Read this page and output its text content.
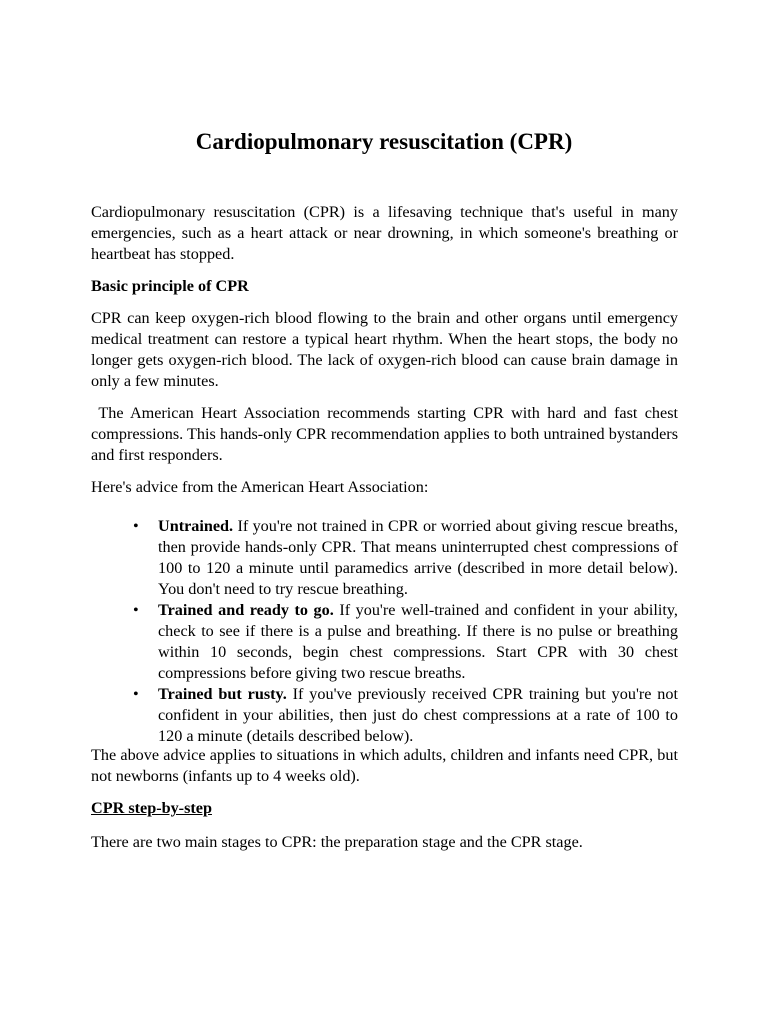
Cardiopulmonary resuscitation (CPR)

Cardiopulmonary resuscitation (CPR) is a lifesaving technique that's useful in many emergencies, such as a heart attack or near drowning, in which someone's breathing or heartbeat has stopped.

Basic principle of CPR

CPR can keep oxygen-rich blood flowing to the brain and other organs until emergency medical treatment can restore a typical heart rhythm. When the heart stops, the body no longer gets oxygen-rich blood. The lack of oxygen-rich blood can cause brain damage in only a few minutes.

The American Heart Association recommends starting CPR with hard and fast chest compressions. This hands-only CPR recommendation applies to both untrained bystanders and first responders.

Here's advice from the American Heart Association:

• Untrained. If you're not trained in CPR or worried about giving rescue breaths, then provide hands-only CPR. That means uninterrupted chest compressions of 100 to 120 a minute until paramedics arrive (described in more detail below). You don't need to try rescue breathing.
• Trained and ready to go. If you're well-trained and confident in your ability, check to see if there is a pulse and breathing. If there is no pulse or breathing within 10 seconds, begin chest compressions. Start CPR with 30 chest compressions before giving two rescue breaths.
• Trained but rusty. If you've previously received CPR training but you're not confident in your abilities, then just do chest compressions at a rate of 100 to 120 a minute (details described below).

The above advice applies to situations in which adults, children and infants need CPR, but not newborns (infants up to 4 weeks old).

CPR step-by-step

There are two main stages to CPR: the preparation stage and the CPR stage.
